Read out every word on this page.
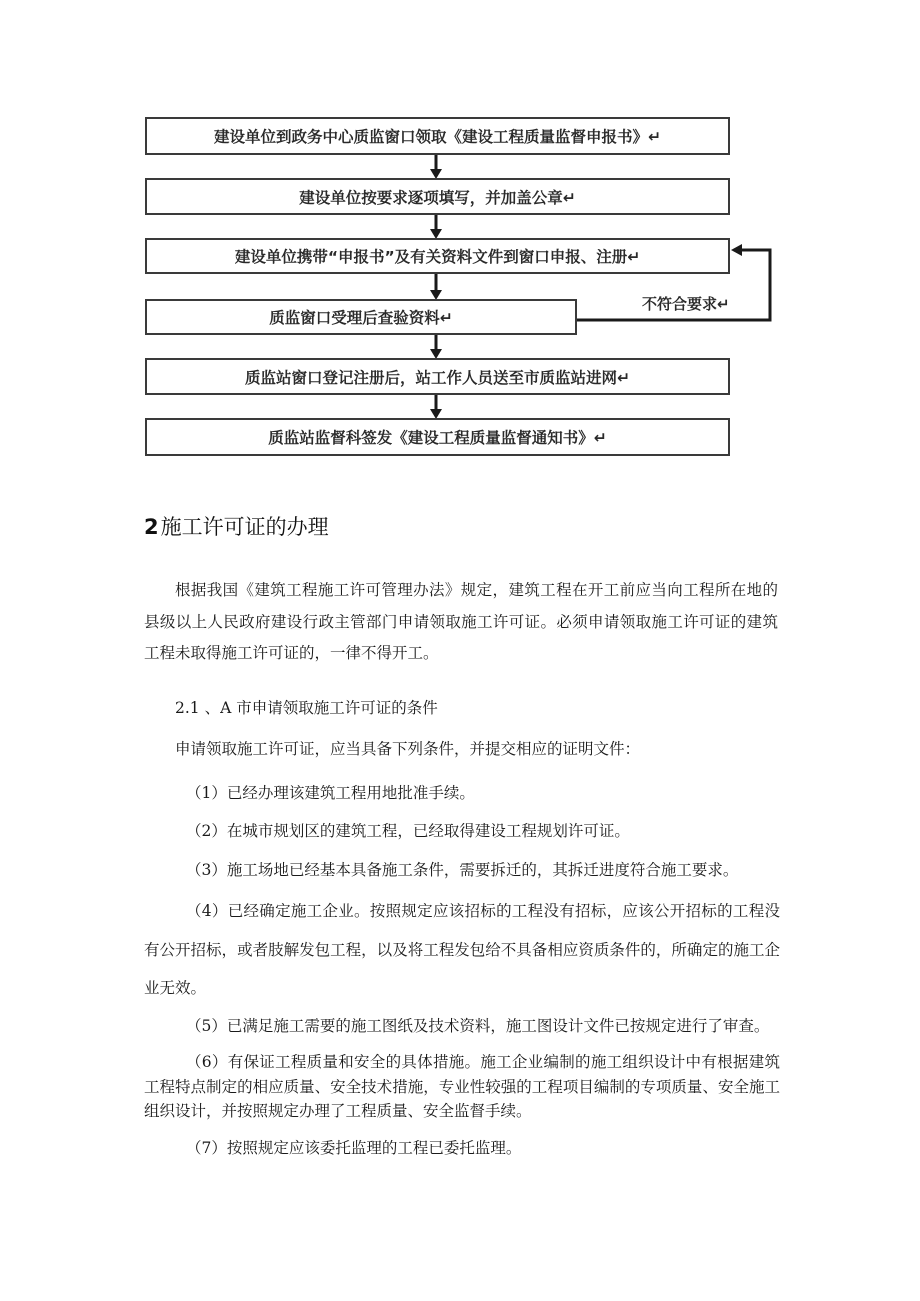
建设单位到政务中心质监窗口领取《建设工程质量监督申报书》↵
建设单位按要求逐项填写，并加盖公章↵
建设单位携带“申报书”及有关资料文件到窗口申报、注册↵
质监窗口受理后查验资料↵
质监站窗口登记注册后，站工作人员送至市质监站进网↵
质监站监督科签发《建设工程质量监督通知书》↵
不符合要求↵
2施工许可证的办理

根据我国《建筑工程施工许可管理办法》规定，建筑工程在开工前应当向工程所在地的县级以上人民政府建设行政主管部门申请领取施工许可证。必须申请领取施工许可证的建筑工程未取得施工许可证的，一律不得开工。

2.1 、A 市申请领取施工许可证的条件

申请领取施工许可证，应当具备下列条件，并提交相应的证明文件：

（1）已经办理该建筑工程用地批准手续。

（2）在城市规划区的建筑工程，已经取得建设工程规划许可证。

（3）施工场地已经基本具备施工条件，需要拆迁的，其拆迁进度符合施工要求。

（4）已经确定施工企业。按照规定应该招标的工程没有招标，应该公开招标的工程没有公开招标，或者肢解发包工程，以及将工程发包给不具备相应资质条件的，所确定的施工企业无效。

（5）已满足施工需要的施工图纸及技术资料，施工图设计文件已按规定进行了审查。

（6）有保证工程质量和安全的具体措施。施工企业编制的施工组织设计中有根据建筑工程特点制定的相应质量、安全技术措施，专业性较强的工程项目编制的专项质量、安全施工组织设计，并按照规定办理了工程质量、安全监督手续。

（7）按照规定应该委托监理的工程已委托监理。
